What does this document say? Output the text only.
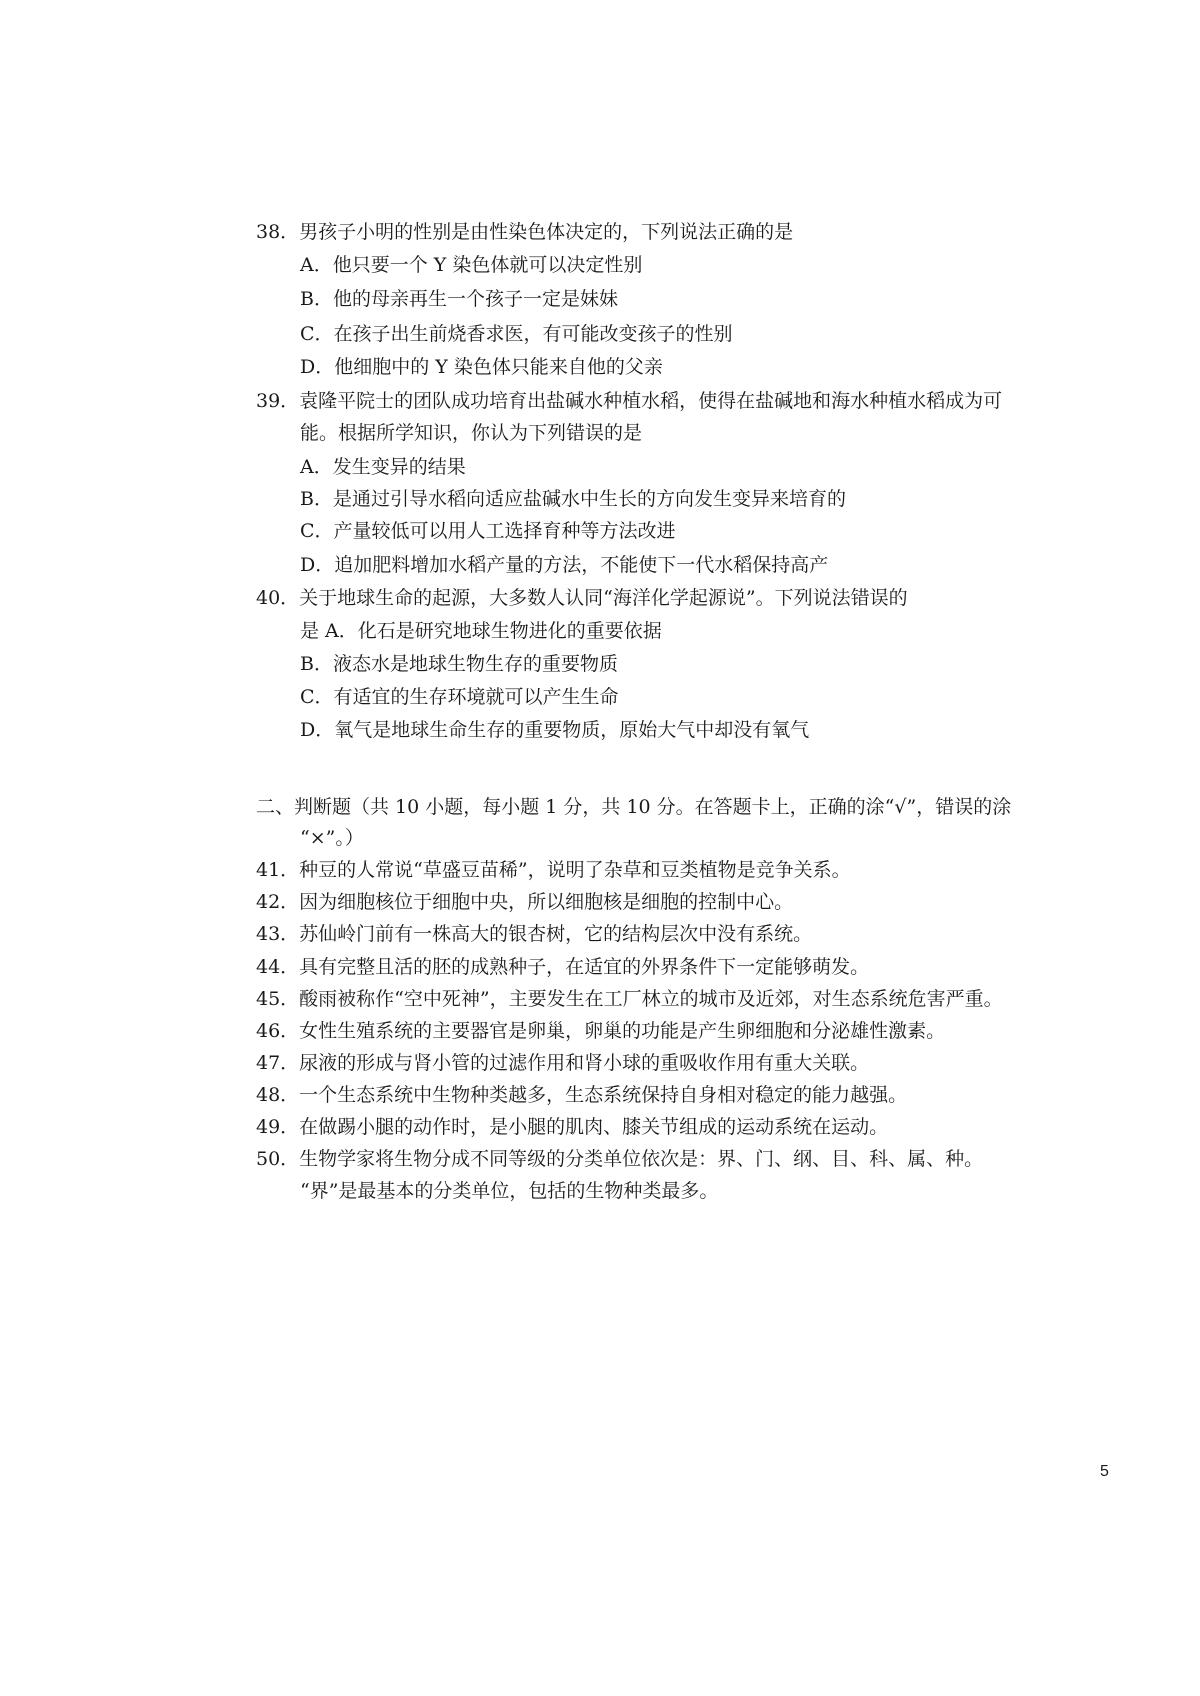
38．男孩子小明的性别是由性染色体决定的，下列说法正确的是
A．他只要一个 Y 染色体就可以决定性别
B．他的母亲再生一个孩子一定是妹妹
C．在孩子出生前烧香求医，有可能改变孩子的性别
D．他细胞中的 Y 染色体只能来自他的父亲
39．袁隆平院士的团队成功培育出盐碱水种植水稻，使得在盐碱地和海水种植水稻成为可
能。根据所学知识，你认为下列错误的是
A．发生变异的结果
B．是通过引导水稻向适应盐碱水中生长的方向发生变异来培育的
C．产量较低可以用人工选择育种等方法改进
D．追加肥料增加水稻产量的方法，不能使下一代水稻保持高产
40．关于地球生命的起源，大多数人认同“海洋化学起源说”。下列说法错误的
是 A．化石是研究地球生物进化的重要依据
B．液态水是地球生物生存的重要物质
C．有适宜的生存环境就可以产生生命
D．氧气是地球生命生存的重要物质，原始大气中却没有氧气
二、判断题（共 10 小题，每小题 1 分，共 10 分。在答题卡上，正确的涂“√”，错误的涂
“×”。）
41．种豆的人常说“草盛豆苗稀”，说明了杂草和豆类植物是竞争关系。
42．因为细胞核位于细胞中央，所以细胞核是细胞的控制中心。
43．苏仙岭门前有一株高大的银杏树，它的结构层次中没有系统。
44．具有完整且活的胚的成熟种子，在适宜的外界条件下一定能够萌发。
45．酸雨被称作“空中死神”，主要发生在工厂林立的城市及近郊，对生态系统危害严重。
46．女性生殖系统的主要器官是卵巢，卵巢的功能是产生卵细胞和分泌雄性激素。
47．尿液的形成与肾小管的过滤作用和肾小球的重吸收作用有重大关联。
48．一个生态系统中生物种类越多，生态系统保持自身相对稳定的能力越强。
49．在做踢小腿的动作时，是小腿的肌肉、膝关节组成的运动系统在运动。
50．生物学家将生物分成不同等级的分类单位依次是：界、门、纲、目、科、属、种。
“界”是最基本的分类单位，包括的生物种类最多。
5
